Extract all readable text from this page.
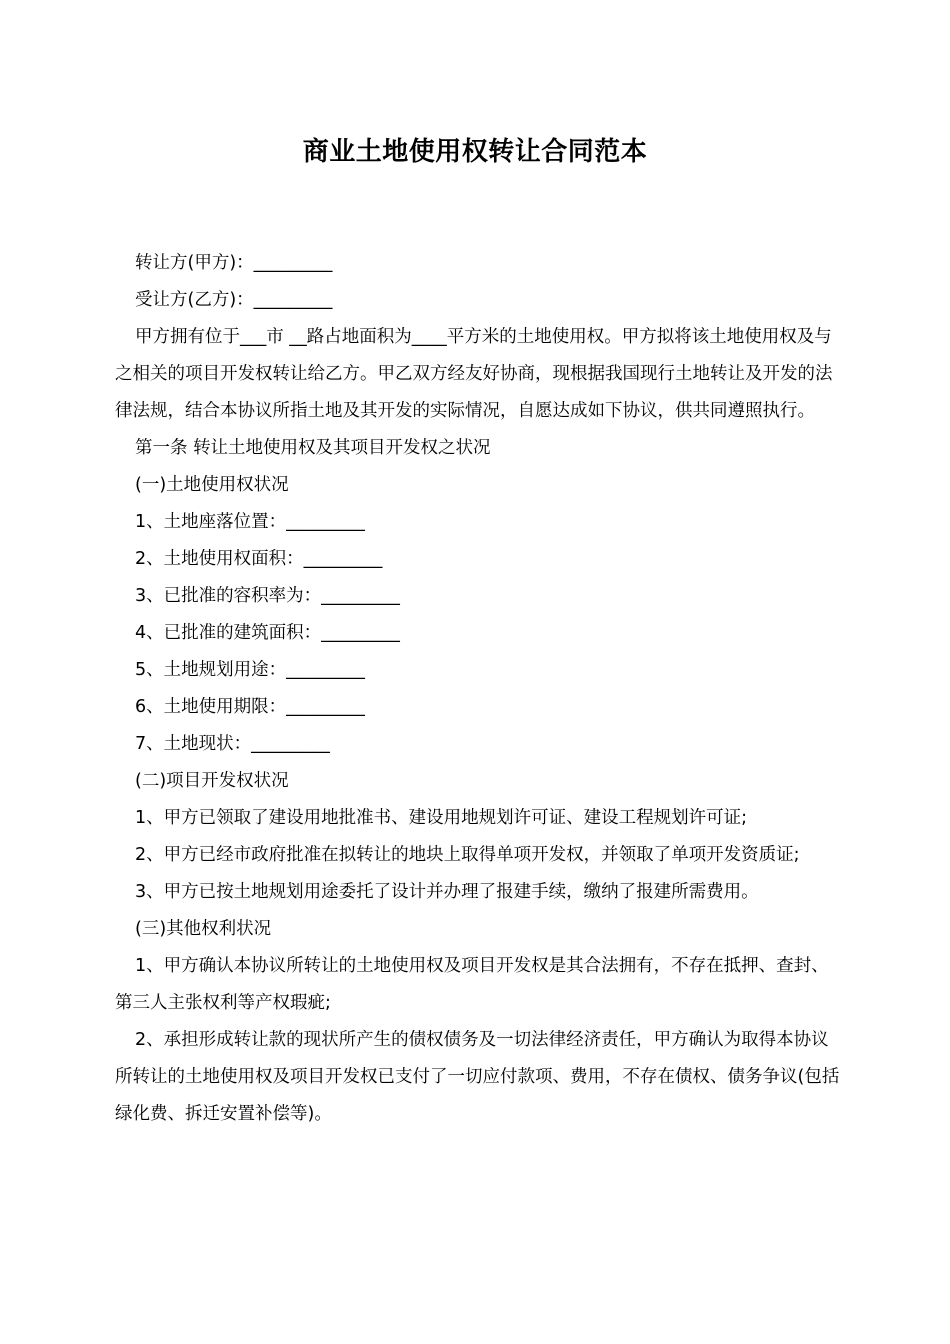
商业土地使用权转让合同范本

转让方(甲方)：_________

受让方(乙方)：_________

甲方拥有位于___市 __路占地面积为____平方米的土地使用权。甲方拟将该土地使用权及与之相关的项目开发权转让给乙方。甲乙双方经友好协商，现根据我国现行土地转让及开发的法律法规，结合本协议所指土地及其开发的实际情况，自愿达成如下协议，供共同遵照执行。

第一条 转让土地使用权及其项目开发权之状况

(一)土地使用权状况

1、土地座落位置：_________

2、土地使用权面积：_________

3、已批准的容积率为：_________

4、已批准的建筑面积：_________

5、土地规划用途：_________

6、土地使用期限：_________

7、土地现状：_________

(二)项目开发权状况

1、甲方已领取了建设用地批准书、建设用地规划许可证、建设工程规划许可证;

2、甲方已经市政府批准在拟转让的地块上取得单项开发权，并领取了单项开发资质证;

3、甲方已按土地规划用途委托了设计并办理了报建手续，缴纳了报建所需费用。

(三)其他权利状况

1、甲方确认本协议所转让的土地使用权及项目开发权是其合法拥有，不存在抵押、查封、第三人主张权利等产权瑕疵;

2、承担形成转让款的现状所产生的债权债务及一切法律经济责任，甲方确认为取得本协议所转让的土地使用权及项目开发权已支付了一切应付款项、费用，不存在债权、债务争议(包括绿化费、拆迁安置补偿等)。
